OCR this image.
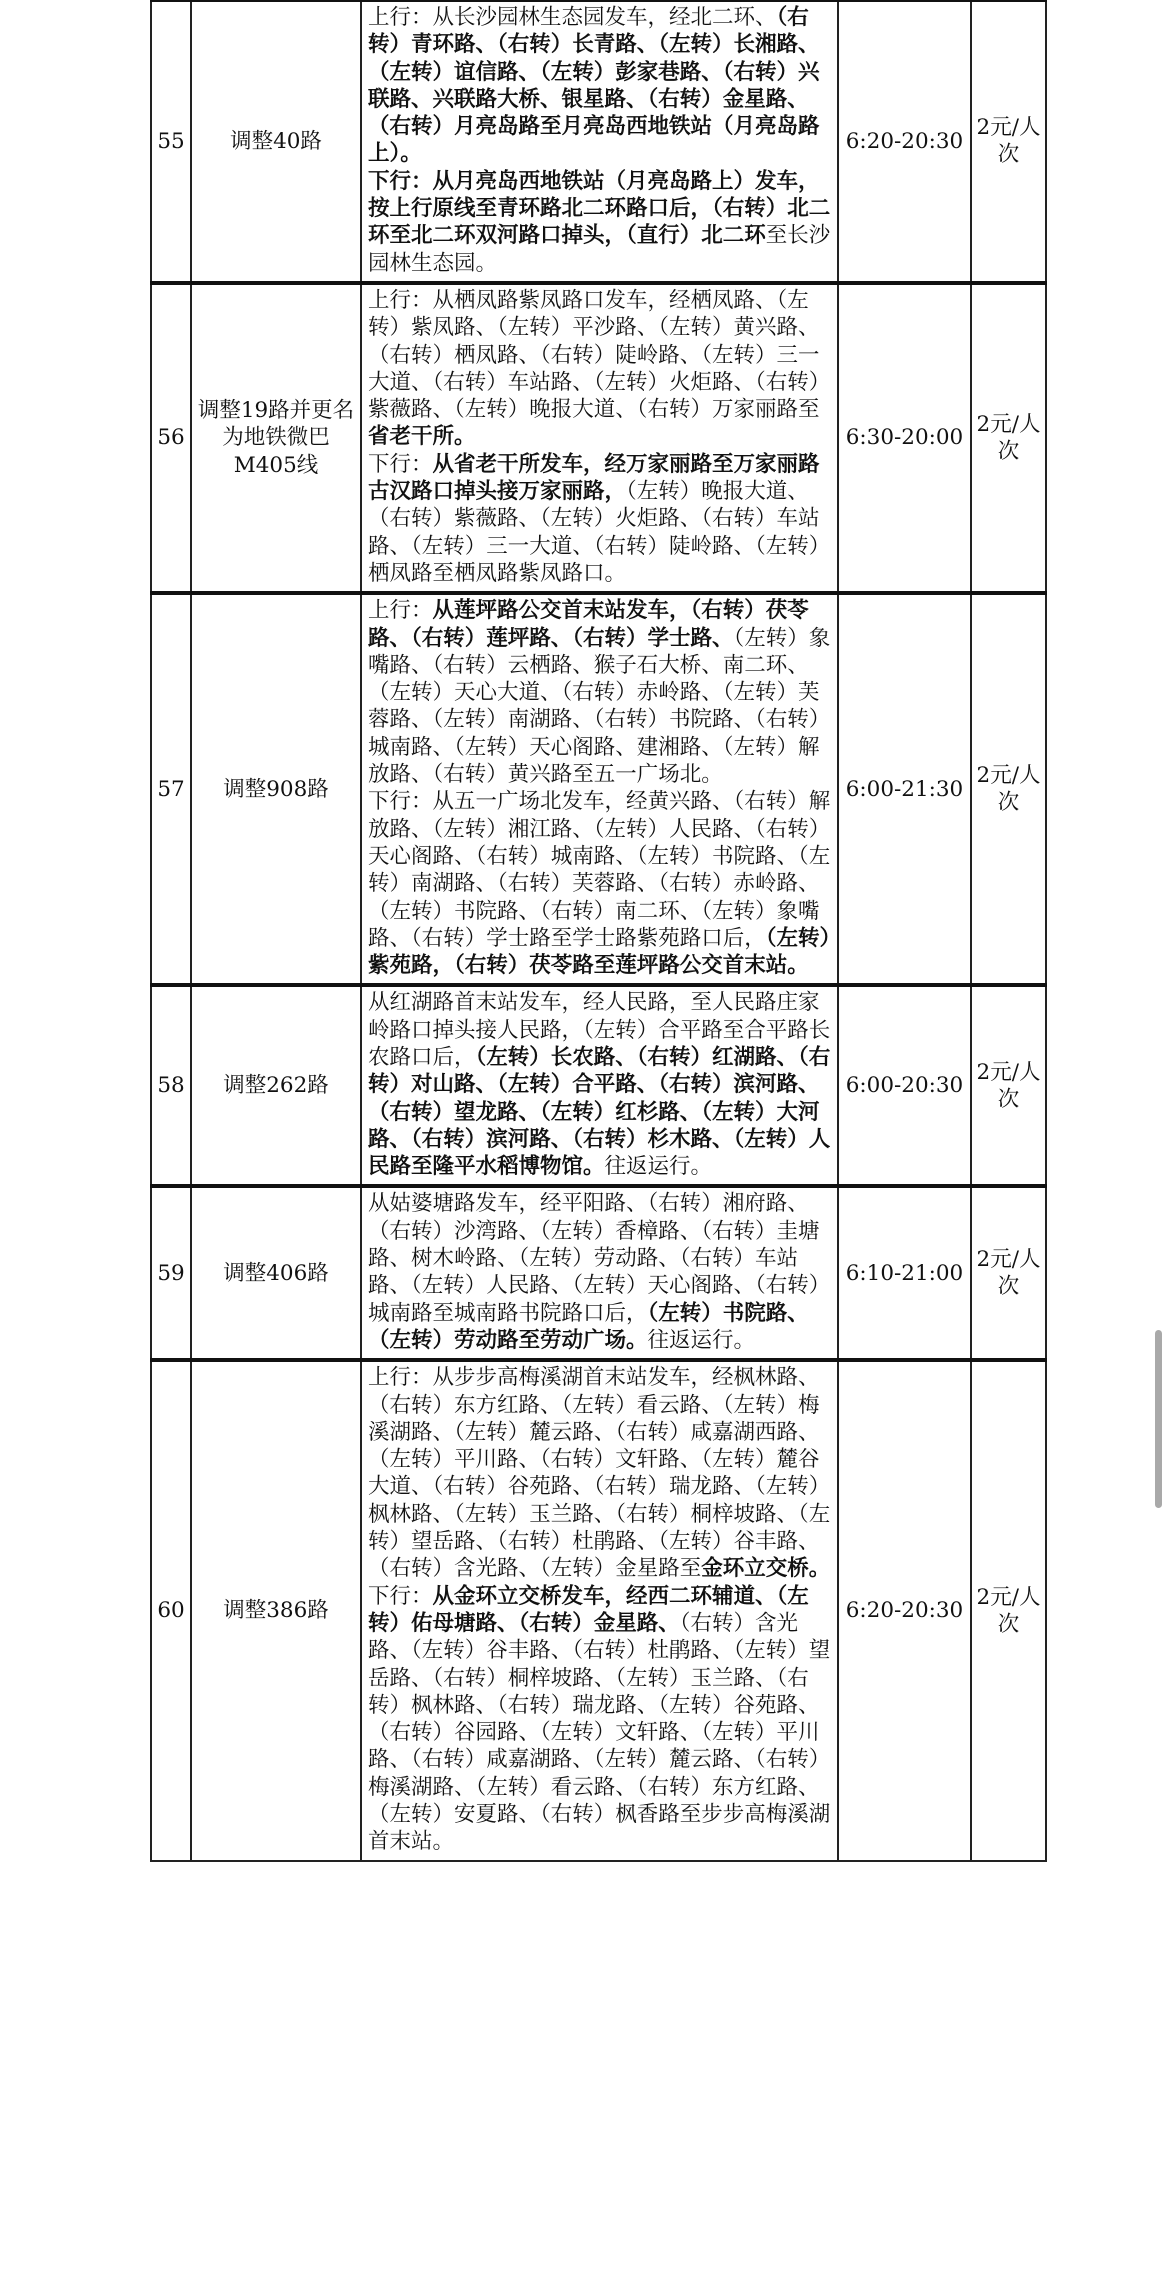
55	调整40路	上行：从长沙园林生态园发车，经北二环、（右转）青环路、（右转）长青路、（左转）长湘路、（左转）谊信路、（左转）彭家巷路、（右转）兴联路、兴联路大桥、银星路、（右转）金星路、（右转）月亮岛路至月亮岛西地铁站（月亮岛路上）。
下行：从月亮岛西地铁站（月亮岛路上）发车，按上行原线至青环路北二环路口后，（右转）北二环至北二环双河路口掉头，（直行）北二环至长沙园林生态园。	6:20-20:30	2元/人次
56	调整19路并更名为地铁微巴M405线	上行：从栖凤路紫凤路口发车，经栖凤路、（左转）紫凤路、（左转）平沙路、（左转）黄兴路、（右转）栖凤路、（右转）陡岭路、（左转）三一大道、（右转）车站路、（左转）火炬路、（右转）紫薇路、（左转）晚报大道、（右转）万家丽路至省老干所。
下行：从省老干所发车，经万家丽路至万家丽路古汉路口掉头接万家丽路，（左转）晚报大道、（右转）紫薇路、（左转）火炬路、（右转）车站路、（左转）三一大道、（右转）陡岭路、（左转）栖凤路至栖凤路紫凤路口。	6:30-20:00	2元/人次
57	调整908路	上行：从莲坪路公交首末站发车，（右转）茯苓路、（右转）莲坪路、（右转）学士路、（左转）象嘴路、（右转）云栖路、猴子石大桥、南二环、（左转）天心大道、（右转）赤岭路、（左转）芙蓉路、（左转）南湖路、（右转）书院路、（右转）城南路、（左转）天心阁路、建湘路、（左转）解放路、（右转）黄兴路至五一广场北。
下行：从五一广场北发车，经黄兴路、（右转）解放路、（左转）湘江路、（左转）人民路、（右转）天心阁路、（右转）城南路、（左转）书院路、（左转）南湖路、（右转）芙蓉路、（右转）赤岭路、（左转）书院路、（右转）南二环、（左转）象嘴路、（右转）学士路至学士路紫苑路口后，（左转）紫苑路，（右转）茯苓路至莲坪路公交首末站。	6:00-21:30	2元/人次
58	调整262路	从红湖路首末站发车，经人民路，至人民路庄家岭路口掉头接人民路，（左转）合平路至合平路长农路口后，（左转）长农路、（右转）红湖路、（右转）对山路、（左转）合平路、（右转）滨河路、（右转）望龙路、（左转）红杉路、（左转）大河路、（右转）滨河路、（右转）杉木路、（左转）人民路至隆平水稻博物馆。往返运行。	6:00-20:30	2元/人次
59	调整406路	从姑婆塘路发车，经平阳路、（右转）湘府路、（右转）沙湾路、（左转）香樟路、（右转）圭塘路、树木岭路、（左转）劳动路、（右转）车站路、（左转）人民路、（左转）天心阁路、（右转）城南路至城南路书院路口后，（左转）书院路、（左转）劳动路至劳动广场。往返运行。	6:10-21:00	2元/人次
60	调整386路	上行：从步步高梅溪湖首末站发车，经枫林路、（右转）东方红路、（左转）看云路、（左转）梅溪湖路、（左转）麓云路、（右转）咸嘉湖西路、（左转）平川路、（右转）文轩路、（左转）麓谷大道、（右转）谷苑路、（右转）瑞龙路、（左转）枫林路、（左转）玉兰路、（右转）桐梓坡路、（左转）望岳路、（右转）杜鹃路、（左转）谷丰路、（右转）含光路、（左转）金星路至金环立交桥。
下行：从金环立交桥发车，经西二环辅道、（左转）佑母塘路、（右转）金星路、（右转）含光路、（左转）谷丰路、（右转）杜鹃路、（左转）望岳路、（右转）桐梓坡路、（左转）玉兰路、（右转）枫林路、（右转）瑞龙路、（左转）谷苑路、（右转）谷园路、（左转）文轩路、（左转）平川路、（右转）咸嘉湖路、（左转）麓云路、（右转）梅溪湖路、（左转）看云路、（右转）东方红路、（左转）安夏路、（右转）枫香路至步步高梅溪湖首末站。	6:20-20:30	2元/人次
